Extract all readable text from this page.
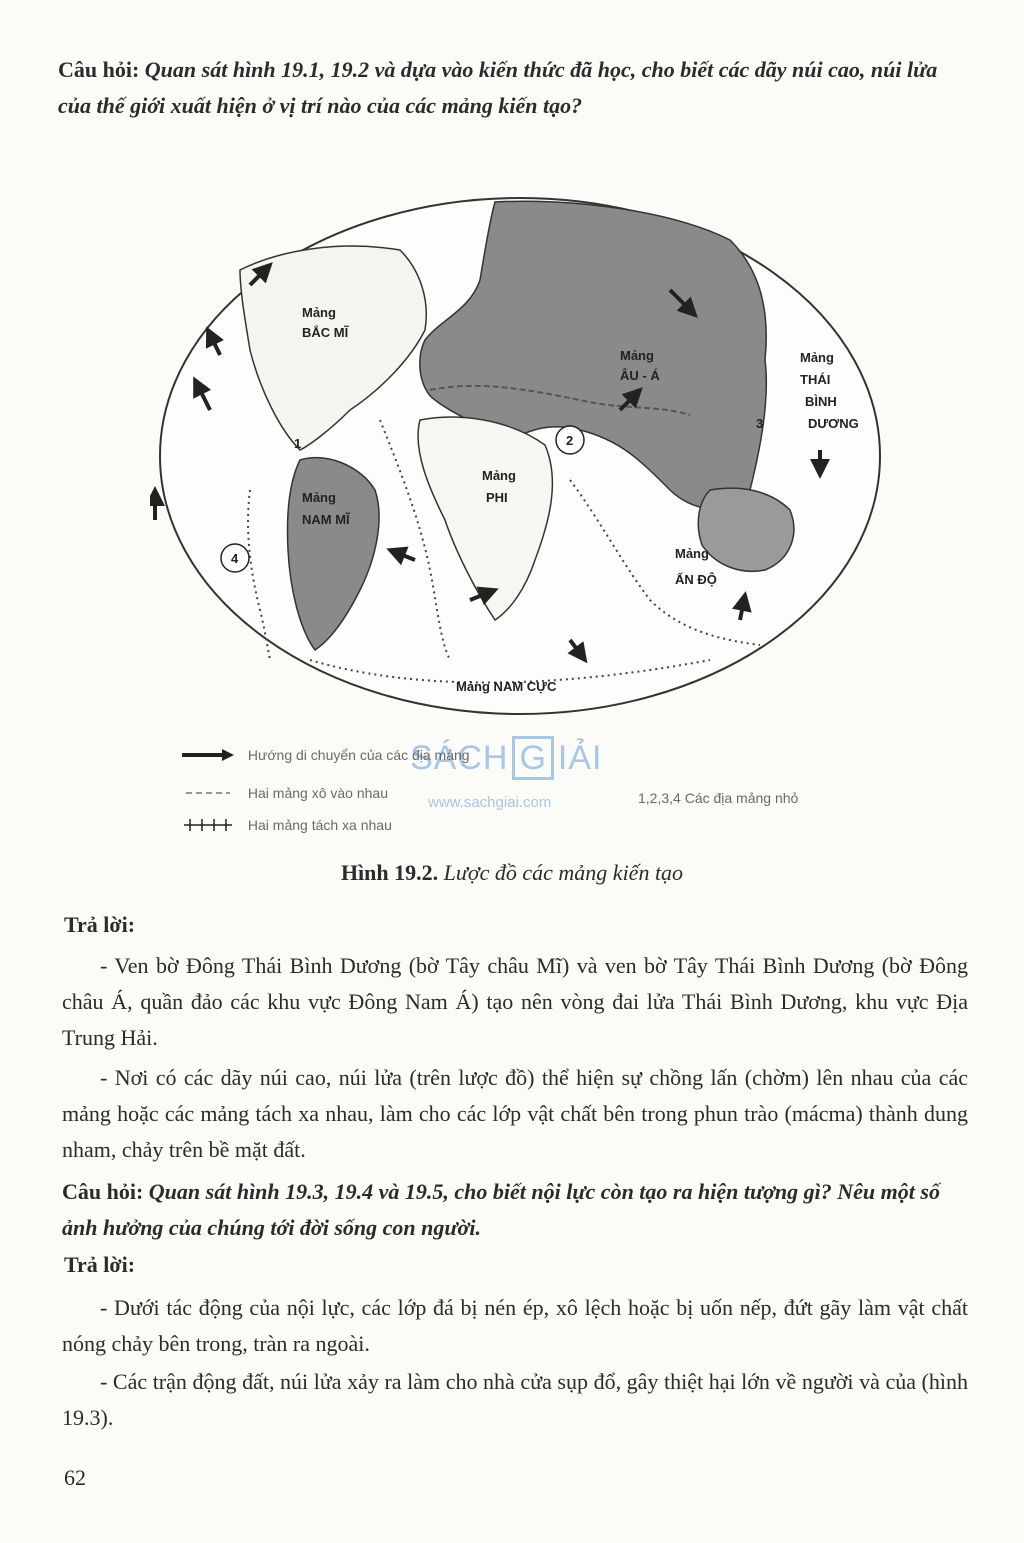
Câu hỏi: Quan sát hình 19.1, 19.2 và dựa vào kiến thức đã học, cho biết các dãy núi cao, núi lửa của thế giới xuất hiện ở vị trí nào của các mảng kiến tạo?
Mảng
BẮC MĨ
Mảng
ÂU - Á
Mảng
THÁI
BÌNH
DƯƠNG
Mảng
NAM MĨ
Mảng
PHI
Mảng
ẤN ĐỘ
Mảng NAM CỰC
1	2
3
4
SÁCH G IẢI
www.sachgiai.com
Hướng di chuyển của các địa mảng
Hai mảng xô vào nhau
Hai mảng tách xa nhau
1,2,3,4 Các địa mảng nhỏ
Hình 19.2. Lược đồ các mảng kiến tạo
Trả lời:
- Ven bờ Đông Thái Bình Dương (bờ Tây châu Mĩ) và ven bờ Tây Thái Bình Dương (bờ Đông châu Á, quần đảo các khu vực Đông Nam Á) tạo nên vòng đai lửa Thái Bình Dương, khu vực Địa Trung Hải.
- Nơi có các dãy núi cao, núi lửa (trên lược đồ) thể hiện sự chồng lấn (chờm) lên nhau của các mảng hoặc các mảng tách xa nhau, làm cho các lớp vật chất bên trong phun trào (mácma) thành dung nham, chảy trên bề mặt đất.
Câu hỏi: Quan sát hình 19.3, 19.4 và 19.5, cho biết nội lực còn tạo ra hiện tượng gì? Nêu một số ảnh hưởng của chúng tới đời sống con người.
Trả lời:
- Dưới tác động của nội lực, các lớp đá bị nén ép, xô lệch hoặc bị uốn nếp, đứt gãy làm vật chất nóng chảy bên trong, tràn ra ngoài.
- Các trận động đất, núi lửa xảy ra làm cho nhà cửa sụp đổ, gây thiệt hại lớn về người và của (hình 19.3).
62
